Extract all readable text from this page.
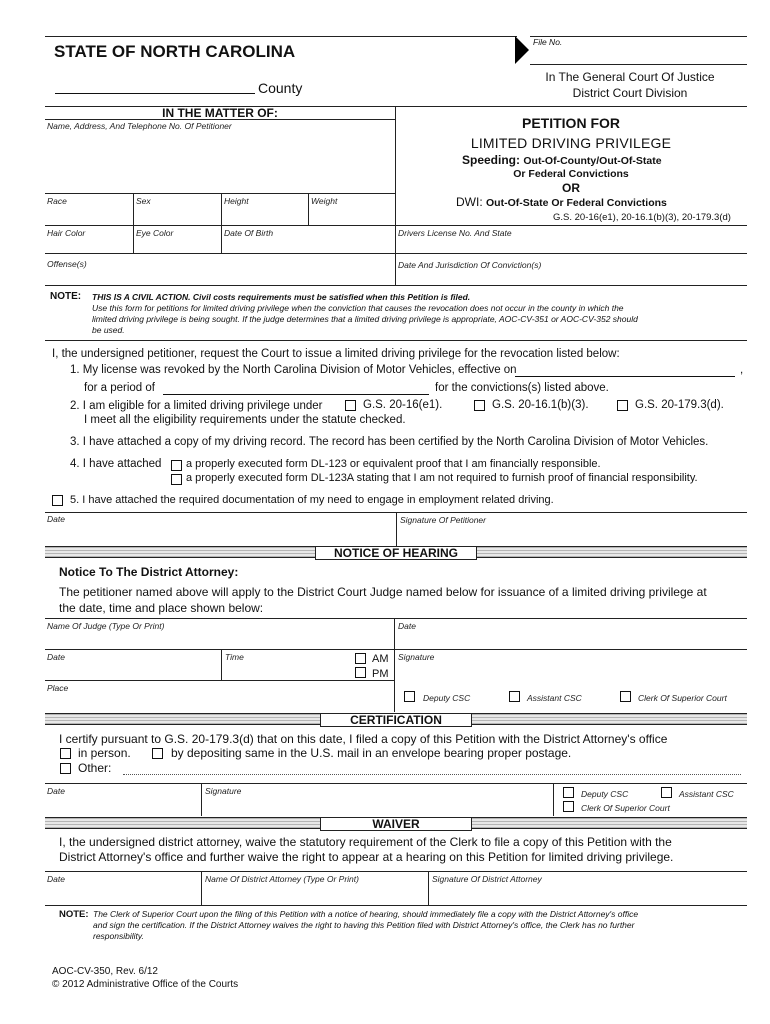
STATE OF NORTH CAROLINA	File No.
County
In The General Court Of Justice
District Court Division
IN THE MATTER OF:
Name, Address, And Telephone No. Of Petitioner
Race	Sex	Height	Weight
Hair Color	Eye Color	Date Of Birth	Drivers License No. And State
Offense(s)	Date And Jurisdiction Of Conviction(s)
PETITION FOR
LIMITED DRIVING PRIVILEGE
Speeding: Out-Of-County/Out-Of-State
Or Federal Convictions
OR
DWI: Out-Of-State Or Federal Convictions
G.S. 20-16(e1), 20-16.1(b)(3), 20-179.3(d)
NOTE: THIS IS A CIVIL ACTION. Civil costs requirements must be satisfied when this Petition is filed.
Use this form for petitions for limited driving privilege when the conviction that causes the revocation does not occur in the county in which the
limited driving privilege is being sought. If the judge determines that a limited driving privilege is appropriate, AOC-CV-351 or AOC-CV-352 should
be used.
I, the undersigned petitioner, request the Court to issue a limited driving privilege for the revocation listed below:
1. My license was revoked by the North Carolina Division of Motor Vehicles, effective on	,
for a period of	for the convictions(s) listed above.
2. I am eligible for a limited driving privilege under	G.S. 20-16(e1).	G.S. 20-16.1(b)(3).	G.S. 20-179.3(d).
I meet all the eligibility requirements under the statute checked.
3. I have attached a copy of my driving record. The record has been certified by the North Carolina Division of Motor Vehicles.
4. I have attached a properly executed form DL-123 or equivalent proof that I am financially responsible.
a properly executed form DL-123A stating that I am not required to furnish proof of financial responsibility.
5. I have attached the required documentation of my need to engage in employment related driving.
Date	Signature Of Petitioner
NOTICE OF HEARING
Notice To The District Attorney:
The petitioner named above will apply to the District Court Judge named below for issuance of a limited driving privilege at
the date, time and place shown below:
Name Of Judge (Type Or Print)	Date
Date	Time	AM
PM
Signature
Place
Deputy CSC	Assistant CSC	Clerk Of Superior Court
CERTIFICATION
I certify pursuant to G.S. 20-179.3(d) that on this date, I filed a copy of this Petition with the District Attorney's office
in person.	by depositing same in the U.S. mail in an envelope bearing proper postage.
Other:
Date	Signature	Deputy CSC	Assistant CSC
Clerk Of Superior Court
WAIVER
I, the undersigned district attorney, waive the statutory requirement of the Clerk to file a copy of this Petition with the
District Attorney's office and further waive the right to appear at a hearing on this Petition for limited driving privilege.
Date	Name Of District Attorney (Type Or Print)	Signature Of District Attorney
NOTE: The Clerk of Superior Court upon the filing of this Petition with a notice of hearing, should immediately file a copy with the District Attorney's office
and sign the certification. If the District Attorney waives the right to having this Petition filed with District Attorney's office, the Clerk has no further
responsibility.
AOC-CV-350, Rev. 6/12
© 2012 Administrative Office of the Courts
